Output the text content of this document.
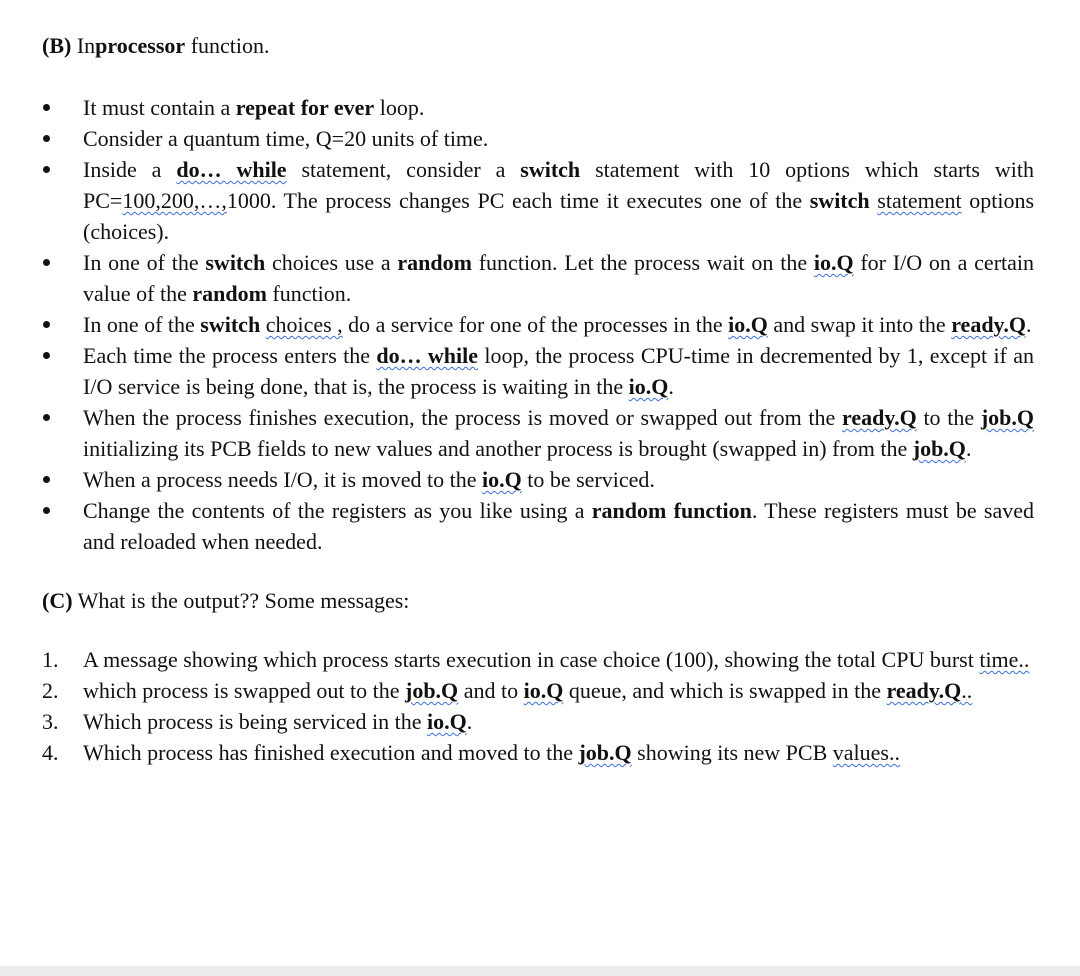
(B) Inprocessor function.

It must contain a repeat for ever loop.
Consider a quantum time, Q=20 units of time.
Inside a do… while statement, consider a switch statement with 10 options which starts with PC=100,200,…,1000. The process changes PC each time it executes one of the switch statement options (choices).
In one of the switch choices use a random function. Let the process wait on the io.Q for I/O on a certain value of the random function.
In one of the switch choices , do a service for one of the processes in the io.Q and swap it into the ready.Q.
Each time the process enters the do… while loop, the process CPU-time in decremented by 1, except if an I/O service is being done, that is, the process is waiting in the io.Q.
When the process finishes execution, the process is moved or swapped out from the ready.Q to the job.Q initializing its PCB fields to new values and another process is brought (swapped in) from the job.Q.
When a process needs I/O, it is moved to the io.Q to be serviced.
Change the contents of the registers as you like using a random function. These registers must be saved and reloaded when needed.

(C) What is the output?? Some messages:

1. A message showing which process starts execution in case choice (100), showing the total CPU burst time..
2. which process is swapped out to the job.Q and to io.Q queue, and which is swapped in the ready.Q..
3. Which process is being serviced in the io.Q.
4. Which process has finished execution and moved to the job.Q showing its new PCB values..
